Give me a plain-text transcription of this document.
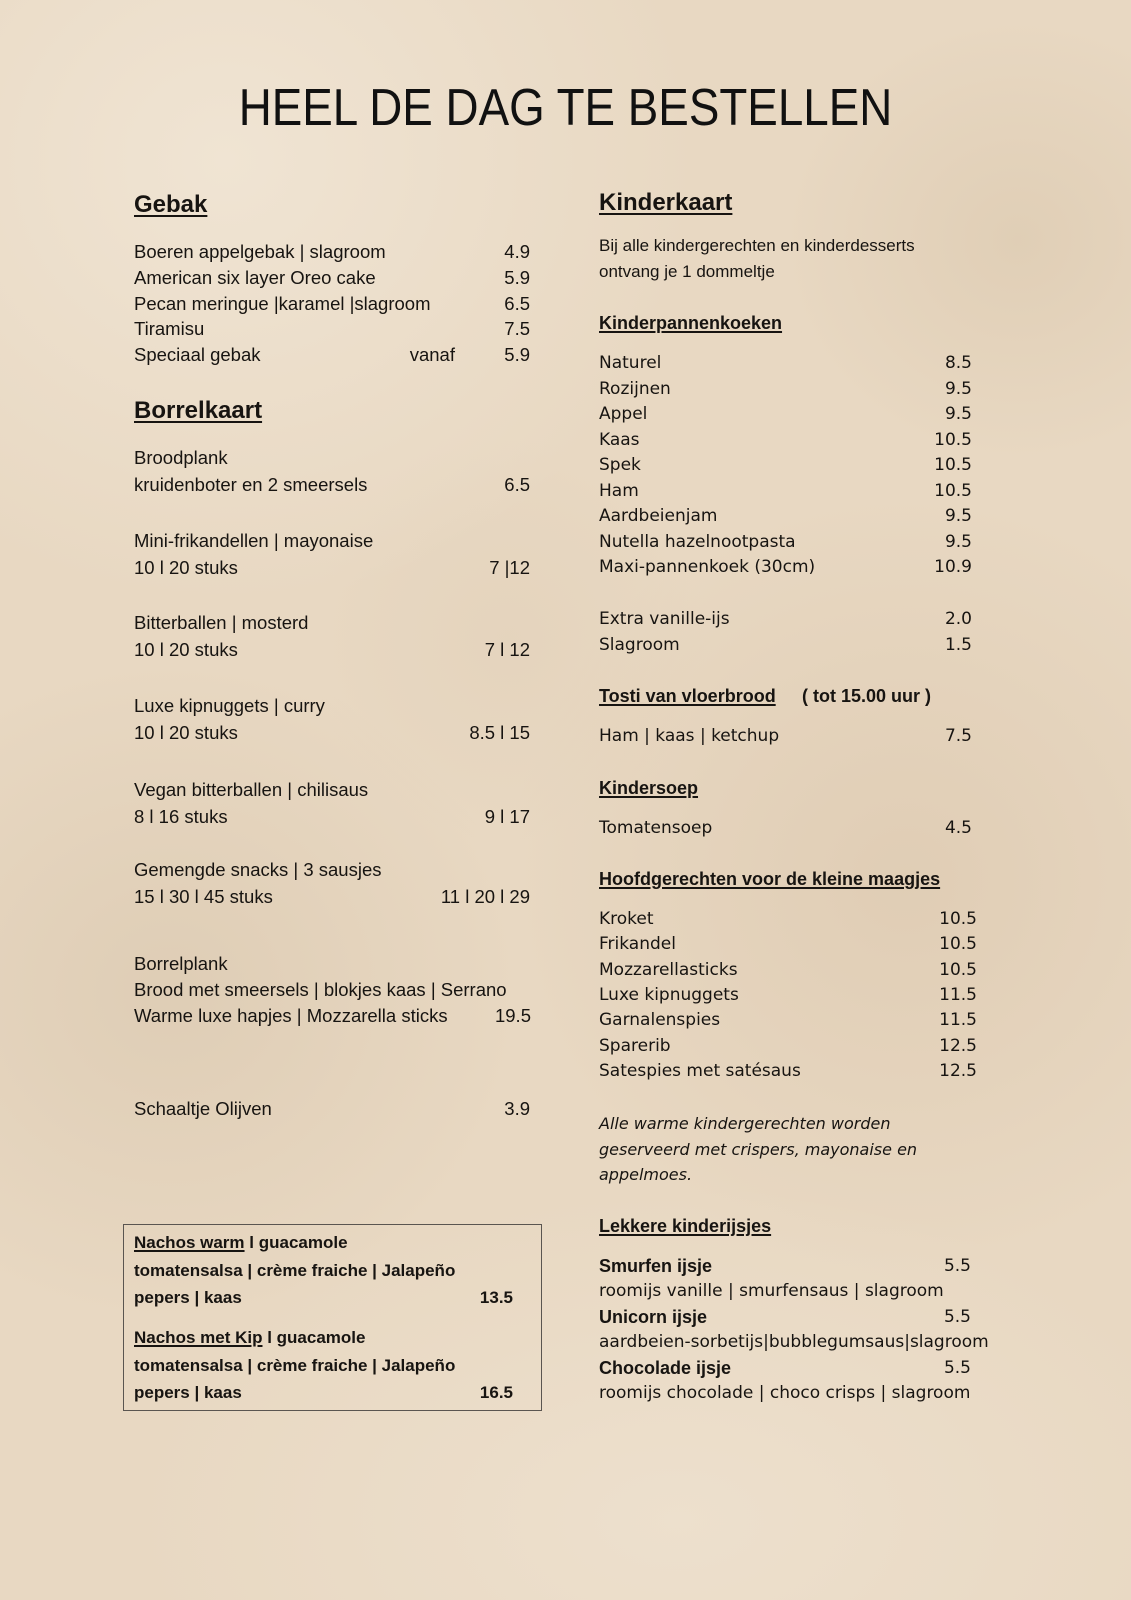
HEEL DE DAG TE BESTELLEN
Gebak
Boeren appelgebak | slagroom	4.9
American six layer Oreo cake	5.9
Pecan meringue |karamel |slagroom	6.5
Tiramisu	7.5
Speciaal gebak	vanaf	5.9
Borrelkaart
Broodplank
kruidenboter en 2 smeersels	6.5
Mini-frikandellen | mayonaise
10 l 20 stuks	7 |12
Bitterballen | mosterd
10 l 20 stuks	7 l 12
Luxe kipnuggets | curry
10 l 20 stuks	8.5 l 15
Vegan bitterballen | chilisaus
8 l 16 stuks	9 l 17
Gemengde snacks | 3 sausjes
15 l 30 l 45 stuks	11 l 20 l 29
Borrelplank
Brood met smeersels | blokjes kaas | Serrano
Warme luxe hapjes | Mozzarella sticks	19.5
Schaaltje Olijven	3.9
Nachos warm l guacamole
tomatensalsa | crème fraiche | Jalapeño
pepers | kaas	13.5
Nachos met Kip l guacamole
tomatensalsa | crème fraiche | Jalapeño
pepers | kaas	16.5
Kinderkaart
Bij alle kindergerechten en kinderdesserts
ontvang je 1 dommeltje
Kinderpannenkoeken
Naturel	8.5
Rozijnen	9.5
Appel	9.5
Kaas	10.5
Spek	10.5
Ham	10.5
Aardbeienjam	9.5
Nutella hazelnootpasta	9.5
Maxi-pannenkoek (30cm)	10.9
Extra vanille-ijs	2.0
Slagroom	1.5
Tosti van vloerbrood ( tot 15.00 uur )
Ham | kaas | ketchup	7.5
Kindersoep
Tomatensoep	4.5
Hoofdgerechten voor de kleine maagjes
Kroket	10.5
Frikandel	10.5
Mozzarellasticks	10.5
Luxe kipnuggets	11.5
Garnalenspies	11.5
Sparerib	12.5
Satespies met satésaus	12.5
Alle warme kindergerechten worden
geserveerd met crispers, mayonaise en
appelmoes.
Lekkere kinderijsjes
Smurfen ijsje	5.5
roomijs vanille | smurfensaus | slagroom
Unicorn ijsje	5.5
aardbeien-sorbetijs|bubblegumsaus|slagroom
Chocolade ijsje	5.5
roomijs chocolade | choco crisps | slagroom
